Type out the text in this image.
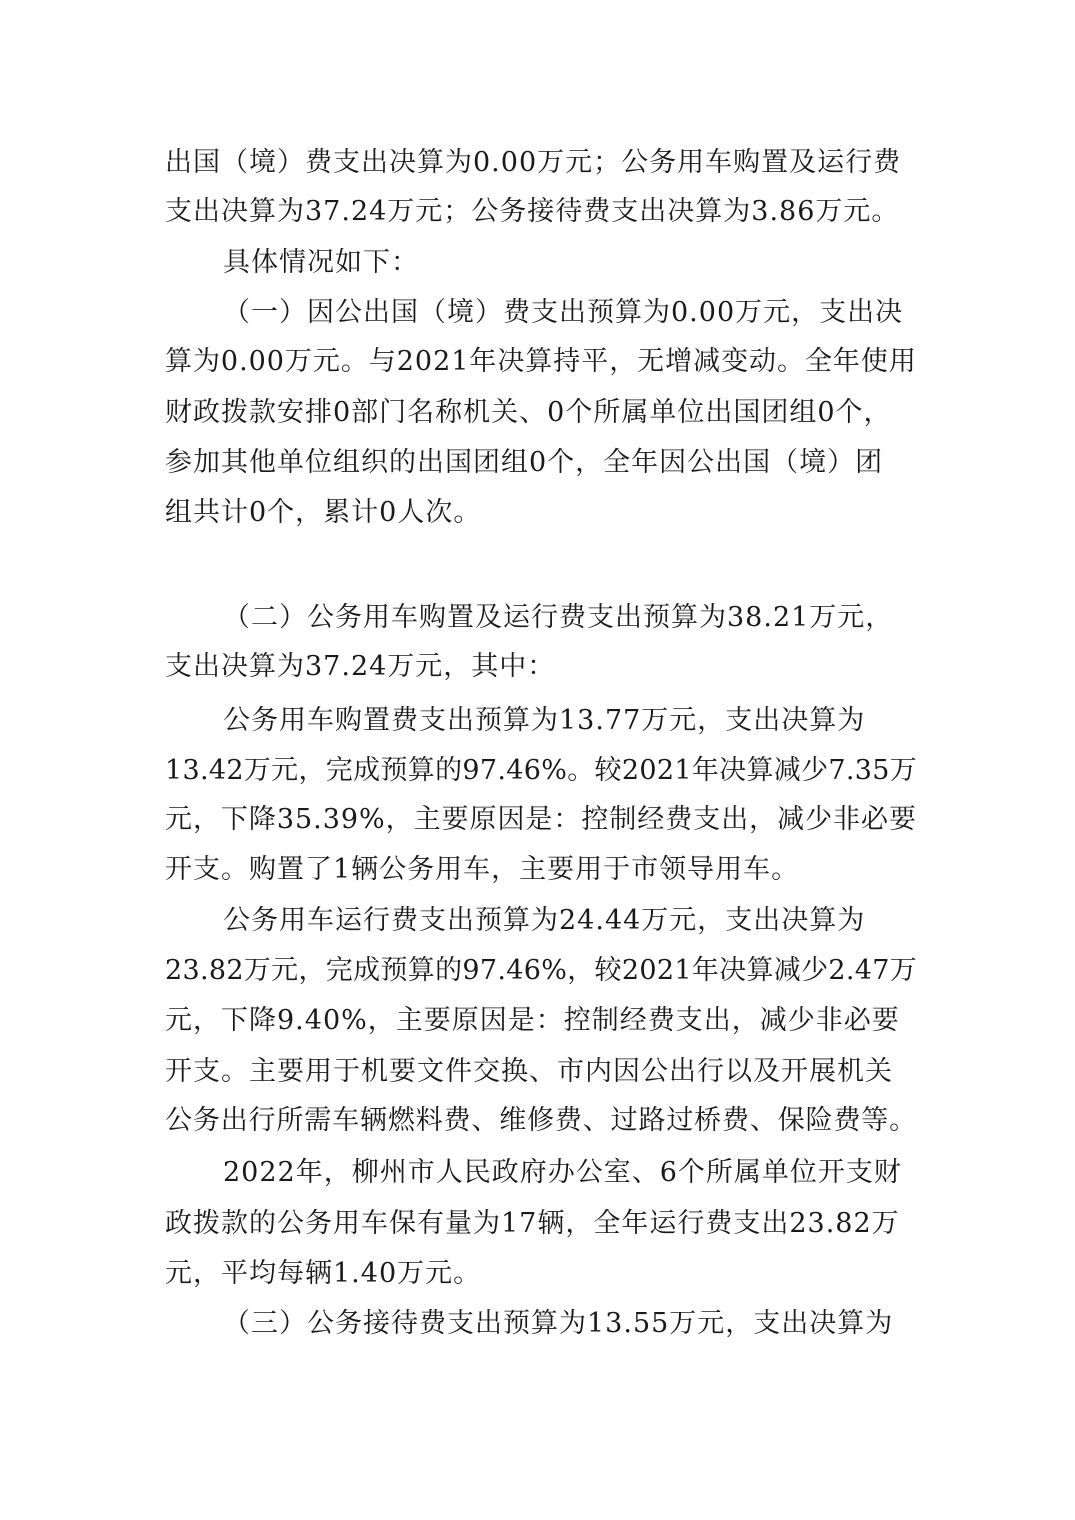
出国（境）费支出决算为0.00万元；公务用车购置及运行费
支出决算为37.24万元；公务接待费支出决算为3.86万元。
具体情况如下：
（一）因公出国（境）费支出预算为0.00万元，支出决
算为0.00万元。与2021年决算持平，无增减变动。全年使用
财政拨款安排0部门名称机关、0个所属单位出国团组0个，
参加其他单位组织的出国团组0个，全年因公出国（境）团
组共计0个，累计0人次。
（二）公务用车购置及运行费支出预算为38.21万元，
支出决算为37.24万元，其中：
公务用车购置费支出预算为13.77万元，支出决算为
13.42万元，完成预算的97.46%。较2021年决算减少7.35万
元，下降35.39%，主要原因是：控制经费支出，减少非必要
开支。购置了1辆公务用车，主要用于市领导用车。
公务用车运行费支出预算为24.44万元，支出决算为
23.82万元，完成预算的97.46%，较2021年决算减少2.47万
元，下降9.40%，主要原因是：控制经费支出，减少非必要
开支。主要用于机要文件交换、市内因公出行以及开展机关
公务出行所需车辆燃料费、维修费、过路过桥费、保险费等。
2022年，柳州市人民政府办公室、6个所属单位开支财
政拨款的公务用车保有量为17辆，全年运行费支出23.82万
元，平均每辆1.40万元。
（三）公务接待费支出预算为13.55万元，支出决算为
